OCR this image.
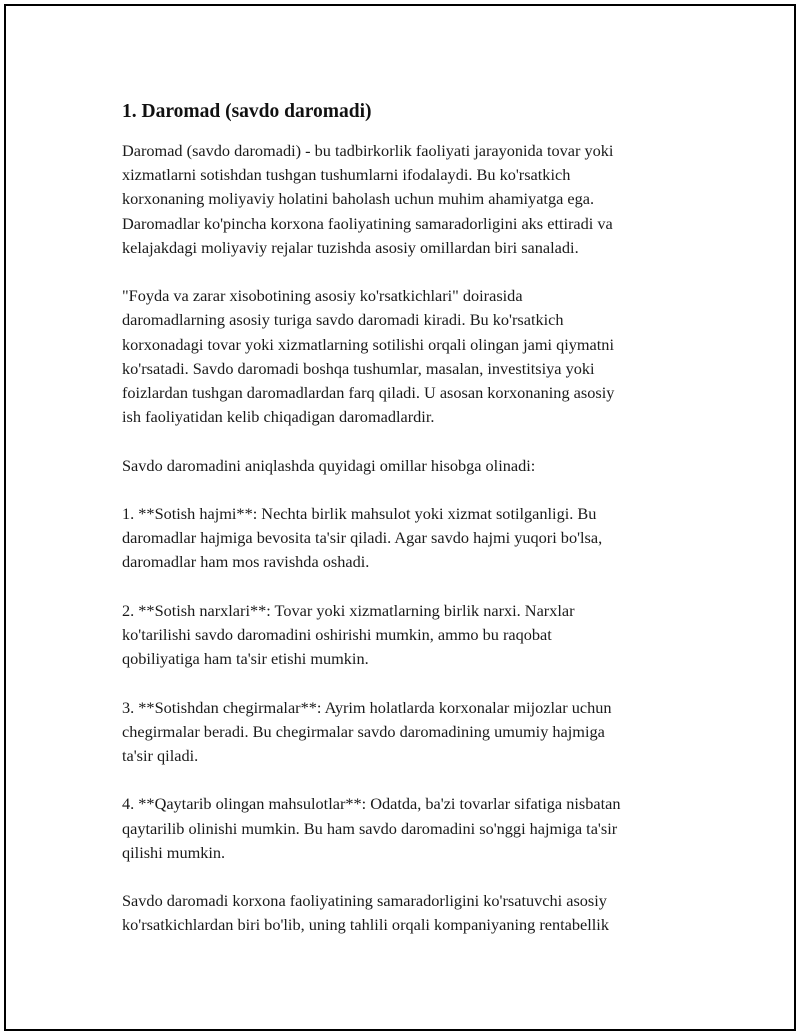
1. Daromad (savdo daromadi)

Daromad (savdo daromadi) - bu tadbirkorlik faoliyati jarayonida tovar yoki
xizmatlarni sotishdan tushgan tushumlarni ifodalaydi. Bu ko'rsatkich
korxonaning moliyaviy holatini baholash uchun muhim ahamiyatga ega.
Daromadlar ko'pincha korxona faoliyatining samaradorligini aks ettiradi va
kelajakdagi moliyaviy rejalar tuzishda asosiy omillardan biri sanaladi.

"Foyda va zarar xisobotining asosiy ko'rsatkichlari" doirasida
daromadlarning asosiy turiga savdo daromadi kiradi. Bu ko'rsatkich
korxonadagi tovar yoki xizmatlarning sotilishi orqali olingan jami qiymatni
ko'rsatadi. Savdo daromadi boshqa tushumlar, masalan, investitsiya yoki
foizlardan tushgan daromadlardan farq qiladi. U asosan korxonaning asosiy
ish faoliyatidan kelib chiqadigan daromadlardir.

Savdo daromadini aniqlashda quyidagi omillar hisobga olinadi:

1. **Sotish hajmi**: Nechta birlik mahsulot yoki xizmat sotilganligi. Bu
daromadlar hajmiga bevosita ta'sir qiladi. Agar savdo hajmi yuqori bo'lsa,
daromadlar ham mos ravishda oshadi.

2. **Sotish narxlari**: Tovar yoki xizmatlarning birlik narxi. Narxlar
ko'tarilishi savdo daromadini oshirishi mumkin, ammo bu raqobat
qobiliyatiga ham ta'sir etishi mumkin.

3. **Sotishdan chegirmalar**: Ayrim holatlarda korxonalar mijozlar uchun
chegirmalar beradi. Bu chegirmalar savdo daromadining umumiy hajmiga
ta'sir qiladi.

4. **Qaytarib olingan mahsulotlar**: Odatda, ba'zi tovarlar sifatiga nisbatan
qaytarilib olinishi mumkin. Bu ham savdo daromadini so'nggi hajmiga ta'sir
qilishi mumkin.

Savdo daromadi korxona faoliyatining samaradorligini ko'rsatuvchi asosiy
ko'rsatkichlardan biri bo'lib, uning tahlili orqali kompaniyaning rentabellik
